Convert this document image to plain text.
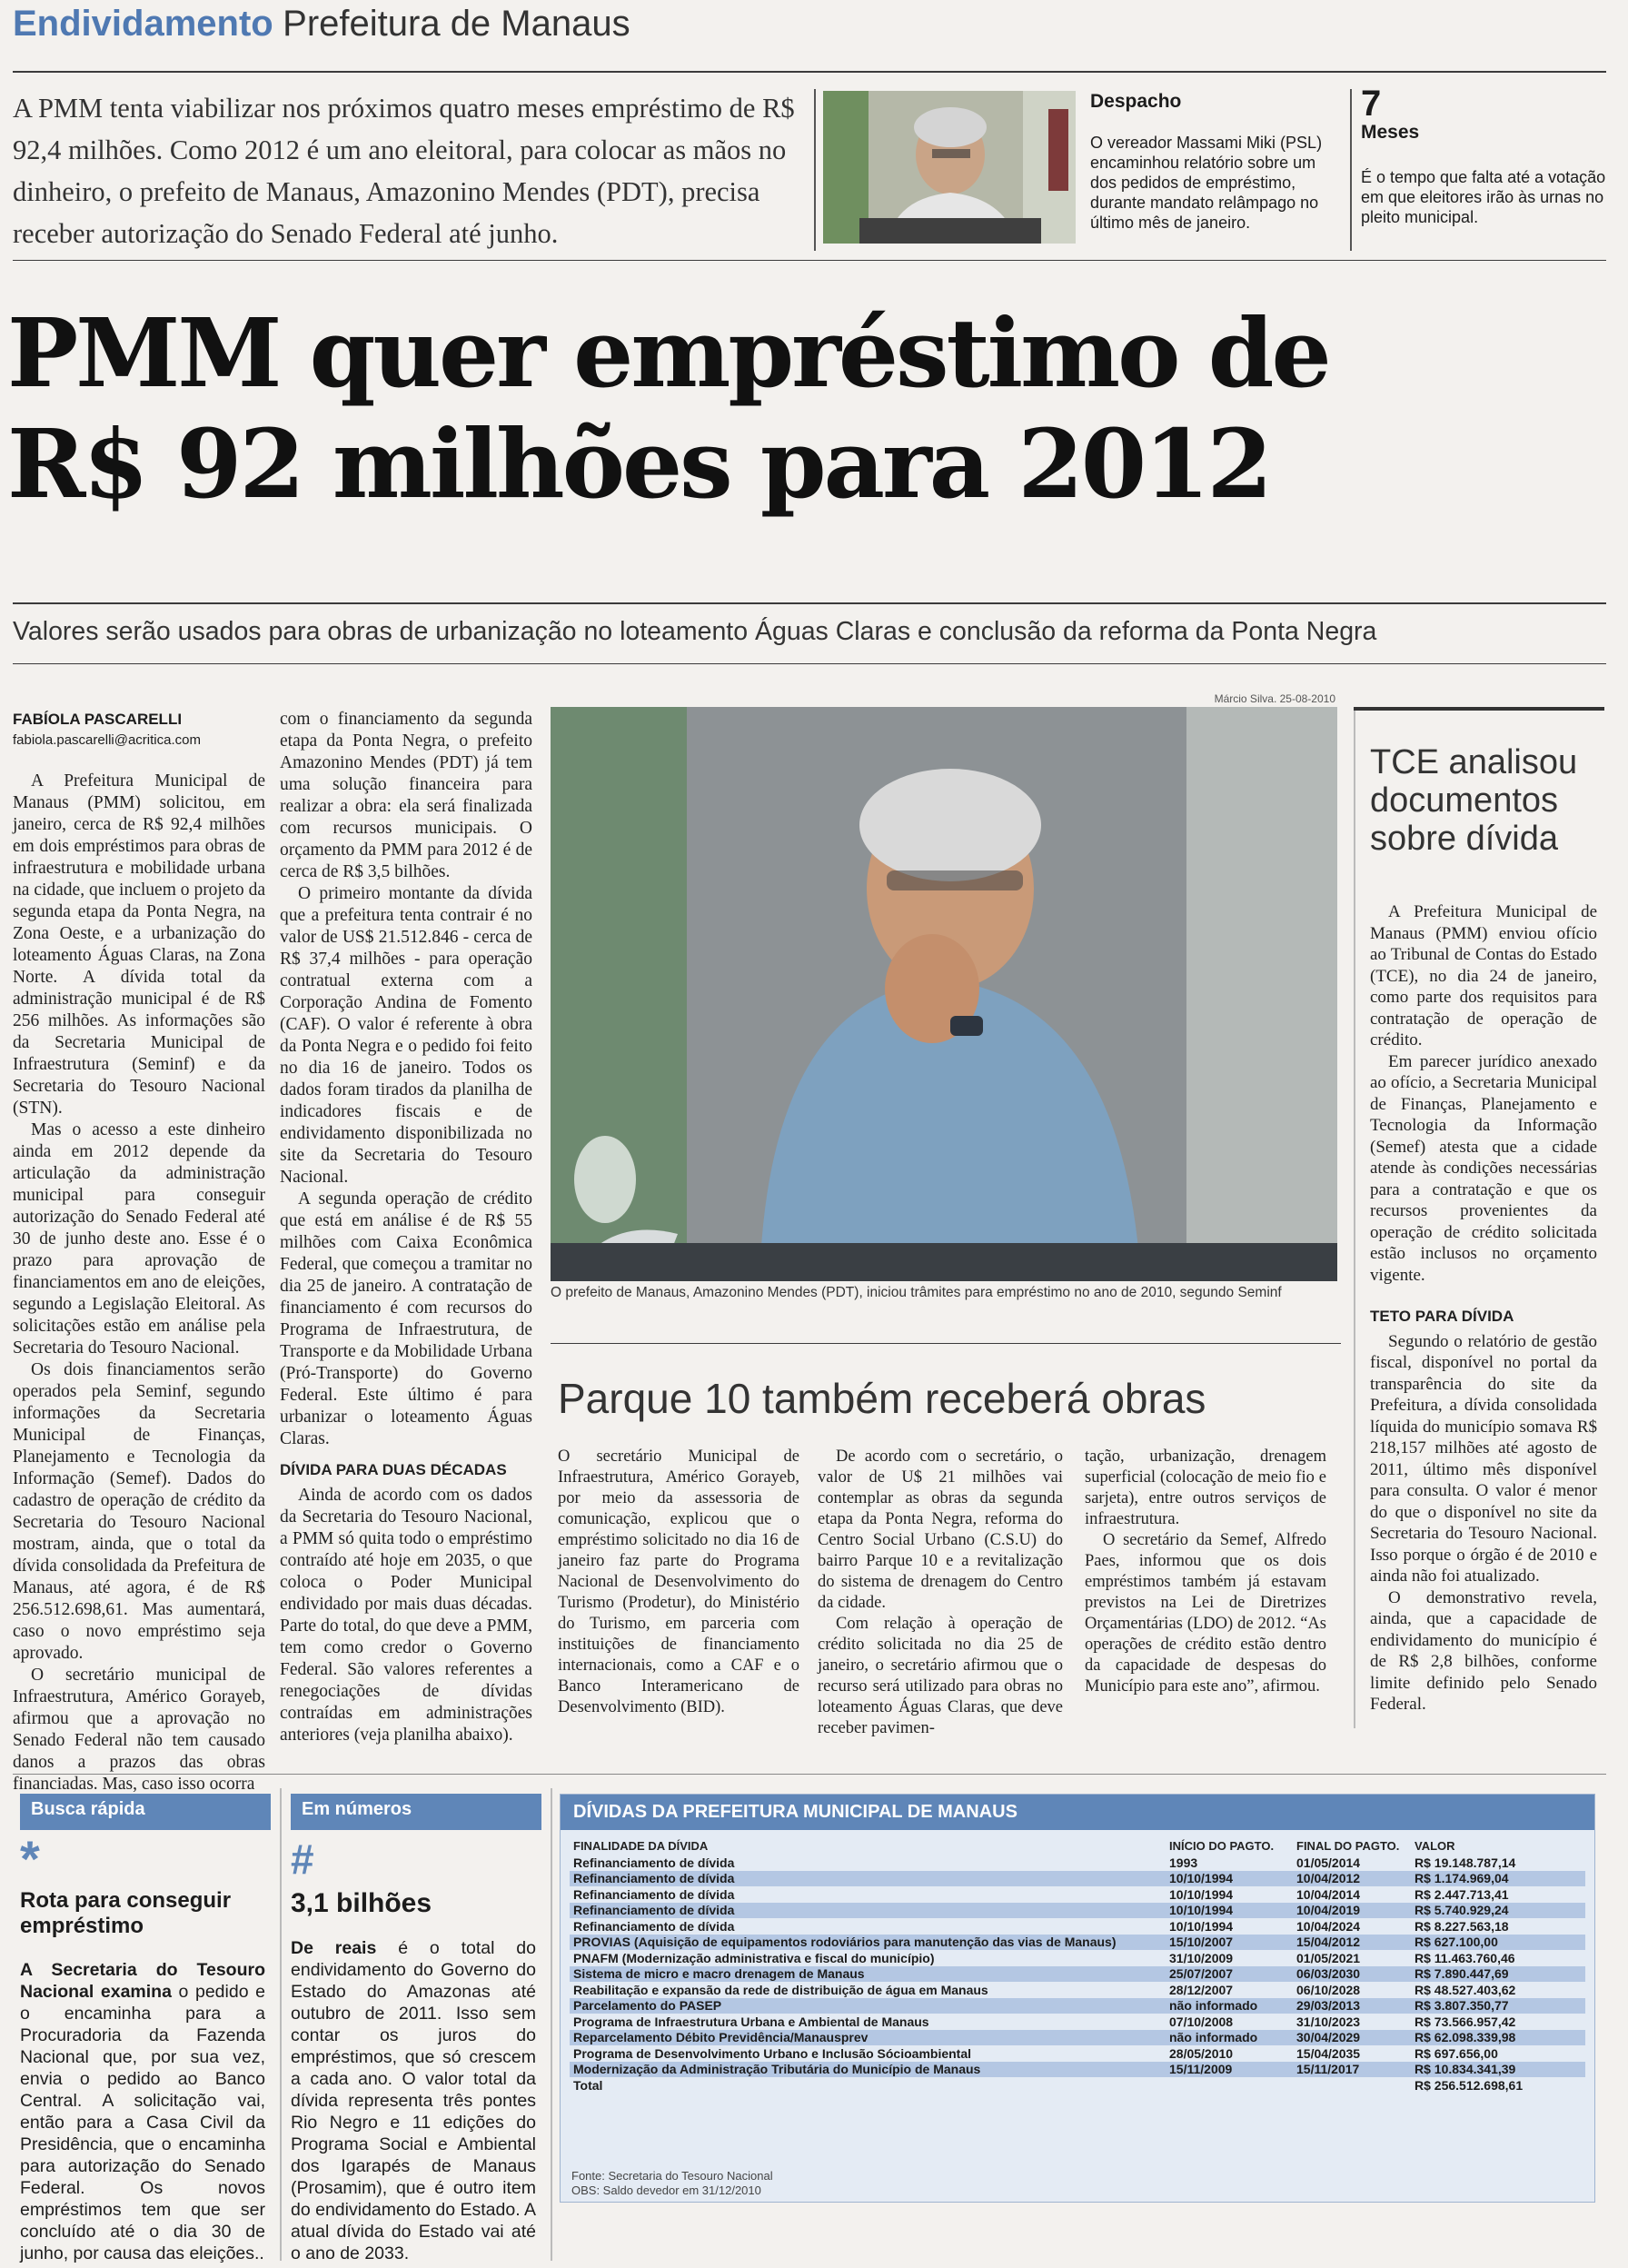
Endividamento Prefeitura de Manaus
A PMM tenta viabilizar nos próximos quatro meses empréstimo de R$ 92,4 milhões. Como 2012 é um ano eleitoral, para colocar as mãos no dinheiro, o prefeito de Manaus, Amazonino Mendes (PDT), precisa receber autorização do Senado Federal até junho.
Despacho
O vereador Massami Miki (PSL) encaminhou relatório sobre um dos pedidos de empréstimo, durante mandato relâmpago no último mês de janeiro.
7
Meses
É o tempo que falta até a votação em que eleitores irão às urnas no pleito municipal.
PMM quer empréstimo de
R$ 92 milhões para 2012
Valores serão usados para obras de urbanização no loteamento Águas Claras e conclusão da reforma da Ponta Negra
FABÍOLA PASCARELLI
fabiola.pascarelli@acritica.com

A Prefeitura Municipal de Manaus (PMM) solicitou, em janeiro, cerca de R$ 92,4 milhões em dois empréstimos para obras de infraestrutura e mobilidade urbana na cidade, que incluem o projeto da segunda etapa da Ponta Negra, na Zona Oeste, e a urbanização do loteamento Águas Claras, na Zona Norte. A dívida total da administração municipal é de R$ 256 milhões. As informações são da Secretaria Municipal de Infraestrutura (Seminf) e da Secretaria do Tesouro Nacional (STN).

Mas o acesso a este dinheiro ainda em 2012 depende da articulação da administração municipal para conseguir autorização do Senado Federal até 30 de junho deste ano. Esse é o prazo para aprovação de financiamentos em ano de eleições, segundo a Legislação Eleitoral. As solicitações estão em análise pela Secretaria do Tesouro Nacional.

Os dois financiamentos serão operados pela Seminf, segundo informações da Secretaria Municipal de Finanças, Planejamento e Tecnologia da Informação (Semef). Dados do cadastro de operação de crédito da Secretaria do Tesouro Nacional mostram, ainda, que o total da dívida consolidada da Prefeitura de Manaus, até agora, é de R$ 256.512.698,61. Mas aumentará, caso o novo empréstimo seja aprovado.

O secretário municipal de Infraestrutura, Américo Gorayeb, afirmou que a aprovação no Senado Federal não tem causado danos a prazos das obras financiadas. Mas, caso isso ocorra

com o financiamento da segunda etapa da Ponta Negra, o prefeito Amazonino Mendes (PDT) já tem uma solução financeira para realizar a obra: ela será finalizada com recursos municipais. O orçamento da PMM para 2012 é de cerca de R$ 3,5 bilhões.

O primeiro montante da dívida que a prefeitura tenta contrair é no valor de US$ 21.512.846 - cerca de R$ 37,4 milhões - para operação contratual externa com a Corporação Andina de Fomento (CAF). O valor é referente à obra da Ponta Negra e o pedido foi feito no dia 16 de janeiro. Todos os dados foram tirados da planilha de indicadores fiscais e de endividamento disponibilizada no site da Secretaria do Tesouro Nacional.

A segunda operação de crédito que está em análise é de R$ 55 milhões com Caixa Econômica Federal, que começou a tramitar no dia 25 de janeiro. A contratação de financiamento é com recursos do Programa de Infraestrutura, de Transporte e da Mobilidade Urbana (Pró-Transporte) do Governo Federal. Este último é para urbanizar o loteamento Águas Claras.

DÍVIDA PARA DUAS DÉCADAS

Ainda de acordo com os dados da Secretaria do Tesouro Nacional, a PMM só quita todo o empréstimo contraído até hoje em 2035, o que coloca o Poder Municipal endividado por mais duas décadas. Parte do total, do que deve a PMM, tem como credor o Governo Federal. São valores referentes a renegociações de dívidas contraídas em administrações anteriores (veja planilha abaixo).

Márcio Silva. 25-08-2010
O prefeito de Manaus, Amazonino Mendes (PDT), iniciou trâmites para empréstimo no ano de 2010, segundo Seminf
Parque 10 também receberá obras

O secretário Municipal de Infraestrutura, Américo Gorayeb, por meio da assessoria de comunicação, explicou que o empréstimo solicitado no dia 16 de janeiro faz parte do Programa Nacional de Desenvolvimento do Turismo (Prodetur), do Ministério do Turismo, em parceria com instituições de financiamento internacionais, como a CAF e o Banco Interamericano de Desenvolvimento (BID).

De acordo com o secretário, o valor de U$ 21 milhões vai contemplar as obras da segunda etapa da Ponta Negra, reforma do Centro Social Urbano (C.S.U) do bairro Parque 10 e a revitalização do sistema de drenagem do Centro da cidade.

Com relação à operação de crédito solicitada no dia 25 de janeiro, o secretário afirmou que o recurso será utilizado para obras no loteamento Águas Claras, que deve receber pavimen-

tação, urbanização, drenagem superficial (colocação de meio fio e sarjeta), entre outros serviços de infraestrutura.

O secretário da Semef, Alfredo Paes, informou que os dois empréstimos também já estavam previstos na Lei de Diretrizes Orçamentárias (LDO) de 2012. “As operações de crédito estão dentro da capacidade de despesas do Município para este ano”, afirmou.

TCE analisou documentos sobre dívida

A Prefeitura Municipal de Manaus (PMM) enviou ofício ao Tribunal de Contas do Estado (TCE), no dia 24 de janeiro, como parte dos requisitos para contratação de operação de crédito.

Em parecer jurídico anexado ao ofício, a Secretaria Municipal de Finanças, Planejamento e Tecnologia da Informação (Semef) atesta que a cidade atende às condições necessárias para a contratação e que os recursos provenientes da operação de crédito solicitada estão inclusos no orçamento vigente.

TETO PARA DÍVIDA

Segundo o relatório de gestão fiscal, disponível no portal da transparência do site da Prefeitura, a dívida consolidada líquida do município somava R$ 218,157 milhões até agosto de 2011, último mês disponível para consulta. O valor é menor do que o disponível no site da Secretaria do Tesouro Nacional. Isso porque o órgão é de 2010 e ainda não foi atualizado.

O demonstrativo revela, ainda, que a capacidade de endividamento do município é de R$ 2,8 bilhões, conforme limite definido pelo Senado Federal.

Busca rápida
*
Rota para conseguir empréstimo
A Secretaria do Tesouro Nacional examina o pedido e o encaminha para a Procuradoria da Fazenda Nacional que, por sua vez, envia o pedido ao Banco Central. A solicitação vai, então para a Casa Civil da Presidência, que o encaminha para autorização do Senado Federal. Os novos empréstimos tem que ser concluído até o dia 30 de junho, por causa das eleições..
Em números
#
3,1 bilhões
De reais é o total do endividamento do Governo do Estado do Amazonas até outubro de 2011. Isso sem contar os juros do empréstimos, que só crescem a cada ano. O valor total da dívida representa três pontes Rio Negro e 11 edições do Programa Social e Ambiental dos Igarapés de Manaus (Prosamim), que é outro item do endividamento do Estado. A atual dívida do Estado vai até o ano de 2033.
DÍVIDAS DA PREFEITURA MUNICIPAL DE MANAUS
FINALIDADE DA DÍVIDA	INÍCIO DO PAGTO.	FINAL DO PAGTO.	VALOR
Refinanciamento de dívida	1993	01/05/2014	R$ 19.148.787,14
Refinanciamento de dívida	10/10/1994	10/04/2012	R$ 1.174.969,04
Refinanciamento de dívida	10/10/1994	10/04/2014	R$ 2.447.713,41
Refinanciamento de dívida	10/10/1994	10/04/2019	R$ 5.740.929,24
Refinanciamento de dívida	10/10/1994	10/04/2024	R$ 8.227.563,18
PROVIAS (Aquisição de equipamentos rodoviários para manutenção das vias de Manaus)	15/10/2007	15/04/2012	R$ 627.100,00
PNAFM (Modernização administrativa e fiscal do município)	31/10/2009	01/05/2021	R$ 11.463.760,46
Sistema de micro e macro drenagem de Manaus	25/07/2007	06/03/2030	R$ 7.890.447,69
Reabilitação e expansão da rede de distribuição de água em Manaus	28/12/2007	06/10/2028	R$ 48.527.403,62
Parcelamento do PASEP	não informado	29/03/2013	R$ 3.807.350,77
Programa de Infraestrutura Urbana e Ambiental de Manaus	07/10/2008	31/10/2023	R$ 73.566.957,42
Reparcelamento Débito Previdência/Manausprev	não informado	30/04/2029	R$ 62.098.339,98
Programa de Desenvolvimento Urbano e Inclusão Sócioambiental	28/05/2010	15/04/2035	R$ 697.656,00
Modernização da Administração Tributária do Município de Manaus	15/11/2009	15/11/2017	R$ 10.834.341,39
Total			R$ 256.512.698,61
Fonte: Secretaria do Tesouro Nacional
OBS: Saldo devedor em 31/12/2010
